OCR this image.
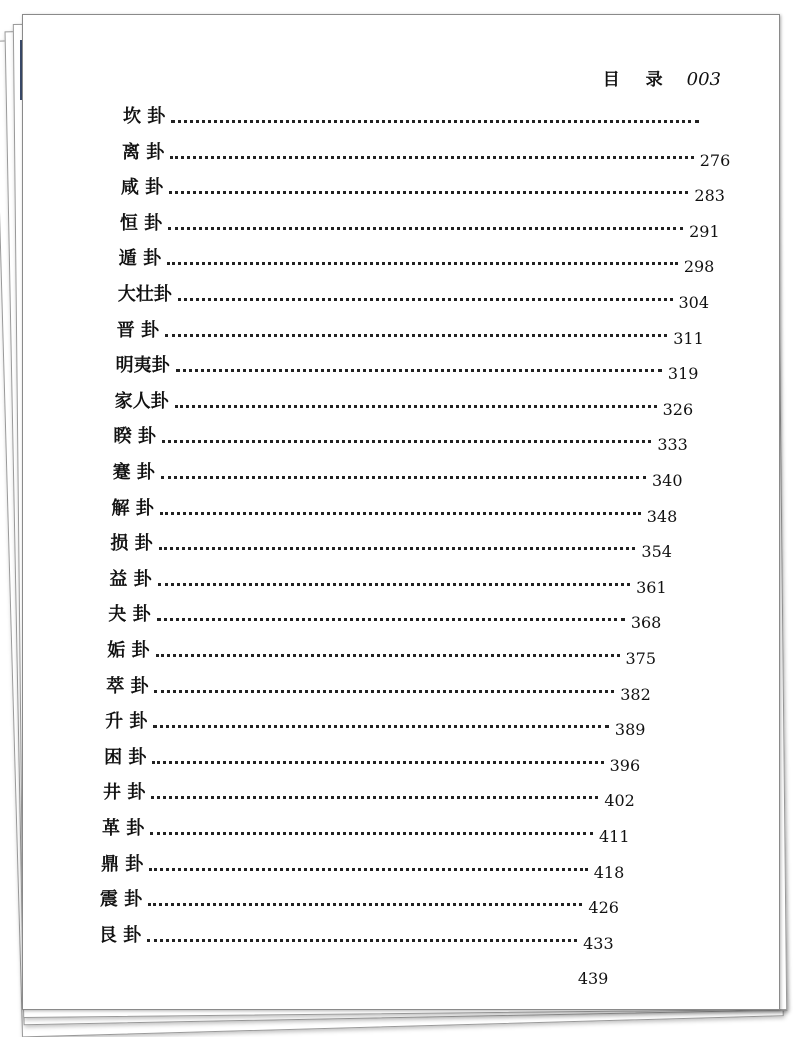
目 录 003
坎 卦
离 卦	276
咸 卦	283
恒 卦	291
遁 卦	298
大壮卦	304
晋 卦	311
明夷卦	319
家人卦	326
睽 卦	333
蹇 卦	340
解 卦	348
损 卦	354
益 卦	361
夬 卦	368
姤 卦	375
萃 卦	382
升 卦	389
困 卦	396
井 卦	402
革 卦	411
鼎 卦	418
震 卦	426
艮 卦	433
439
